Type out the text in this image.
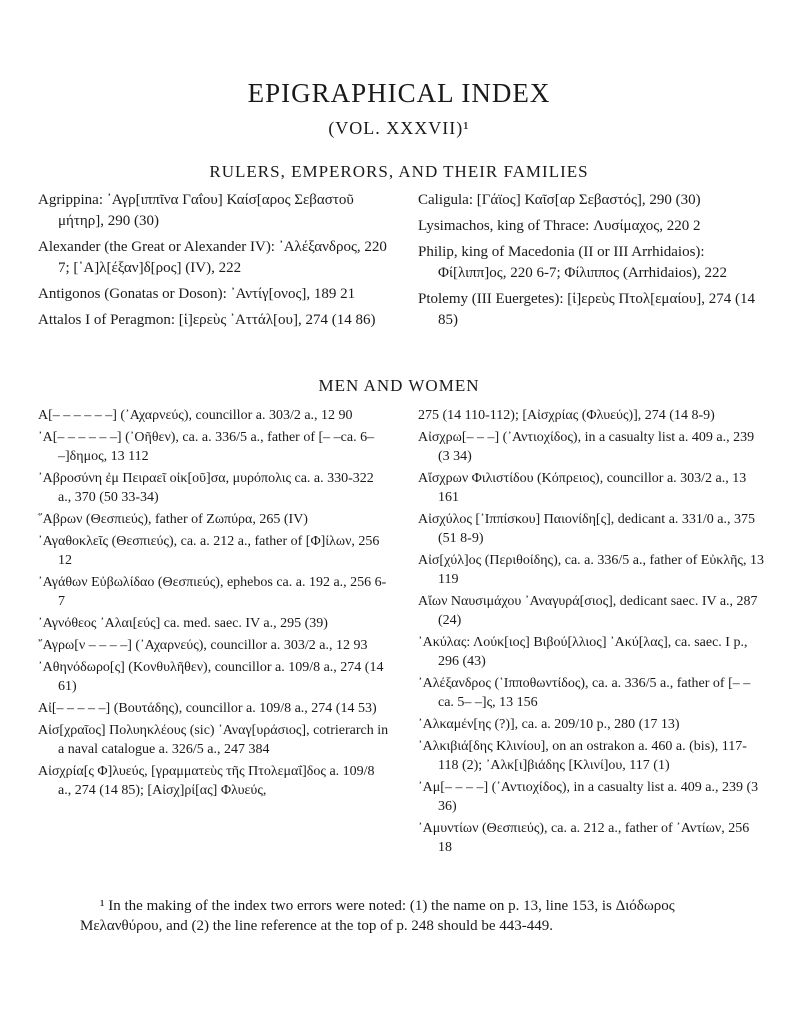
EPIGRAPHICAL INDEX
(VOL. XXXVII)¹
RULERS, EMPERORS, AND THEIR FAMILIES
Agrippina: ᾿Αγρ[ιππῖνα Γαΐου] Καίσ[αρος Σεβαστοῦ μήτηρ], 290 (30)
Alexander (the Great or Alexander IV): ᾿Αλέξανδρος, 220 7; [᾿Α]λ[έξαν]δ[ρος] (IV), 222
Antigonos (Gonatas or Doson): ᾿Αντίγ[ονος], 189 21
Attalos I of Peragmon: [ἱ]ερεὺς ᾿Αττάλ[ου], 274 (14 86)
Caligula: [Γάϊος] Καῖσ[αρ Σεβαστός], 290 (30)
Lysimachos, king of Thrace: Λυσίμαχος, 220 2
Philip, king of Macedonia (II or III Arrhidaios): Φί[λιππ]ος, 220 6-7; Φίλιππος (Arrhidaios), 222
Ptolemy (III Euergetes): [ἱ]ερεὺς Πτολ[εμαίου], 274 (14 85)
MEN AND WOMEN
Α[– – – – – –] (᾿Αχαρνεύς), councillor a. 303/2 a., 12 90
᾿Α[– – – – – –] (᾿Οῆθεν), ca. a. 336/5 a., father of [– –ca. 6– –]δημος, 13 112
᾿Αβροσύνη ἐμ Πειραεῖ οἰκ[οῦ]σα, μυρόπολις ca. a. 330-322 a., 370 (50 33-34)
῞Αβρων (Θεσπιεύς), father of Ζωπύρα, 265 (IV)
᾿Αγαθοκλεῖς (Θεσπιεύς), ca. a. 212 a., father of [Φ]ίλων, 256 12
᾿Αγάθων Εὐβωλίδαο (Θεσπιεύς), ephebos ca. a. 192 a., 256 6-7
᾿Αγνόθεος ᾿Αλαι[εύς] ca. med. saec. IV a., 295 (39)
῎Αγρω[ν – – – –] (᾿Αχαρνεύς), councillor a. 303/2 a., 12 93
᾿Αθηνόδωρο[ς] (Κονθυλῆθεν), councillor a. 109/8 a., 274 (14 61)
Αἰ[– – – – –] (Βουτάδης), councillor a. 109/8 a., 274 (14 53)
Αἰσ[χραῖος] Πολυηκλέους (sic) ᾿Αναγ[υράσιος], cotrierarch in a naval catalogue a. 326/5 a., 247 384
Αἰσχρία[ς Φ]λυεύς, [γραμματεὺς τῆς Πτολεμαΐ]δος a. 109/8 a., 274 (14 85); [Αἰσχ]ρί[ας] Φλυεύς,
275 (14 110-112); [Αἰσχρίας (Φλυεύς)], 274 (14 8-9)
Αἰσχρω[– – –] (᾿Αντιοχίδος), in a casualty list a. 409 a., 239 (3 34)
Αἴσχρων Φιλιστίδου (Κόπρειος), councillor a. 303/2 a., 13 161
Αἰσχύλος [᾿Ιππίσκου] Παιονίδη[ς], dedicant a. 331/0 a., 375 (51 8-9)
Αἰσ[χύλ]ος (Περιθοίδης), ca. a. 336/5 a., father of Εὐκλῆς, 13 119
Αἴων Ναυσιμάχου ᾿Αναγυρά[σιος], dedicant saec. IV a., 287 (24)
᾿Ακύλας: Λούκ[ιος] Βιβού[λλιος] ᾿Ακύ[λας], ca. saec. I p., 296 (43)
᾿Αλέξανδρος (῾Ιπποθωντίδος), ca. a. 336/5 a., father of [– –ca. 5– –]ς, 13 156
᾿Αλκαμέν[ης (?)], ca. a. 209/10 p., 280 (17 13)
᾿Αλκιβιά[δης Κλινίου], on an ostrakon a. 460 a. (bis), 117-118 (2); ᾿Αλκ[ι]βιάδης [Κλινί]ου, 117 (1)
᾿Αμ[– – – –] (᾿Αντιοχίδος), in a casualty list a. 409 a., 239 (3 36)
᾿Αμυντίων (Θεσπιεύς), ca. a. 212 a., father of ᾿Αντίων, 256 18
¹ In the making of the index two errors were noted: (1) the name on p. 13, line 153, is Διόδωρος Μελανθύρου, and (2) the line reference at the top of p. 248 should be 443-449.
